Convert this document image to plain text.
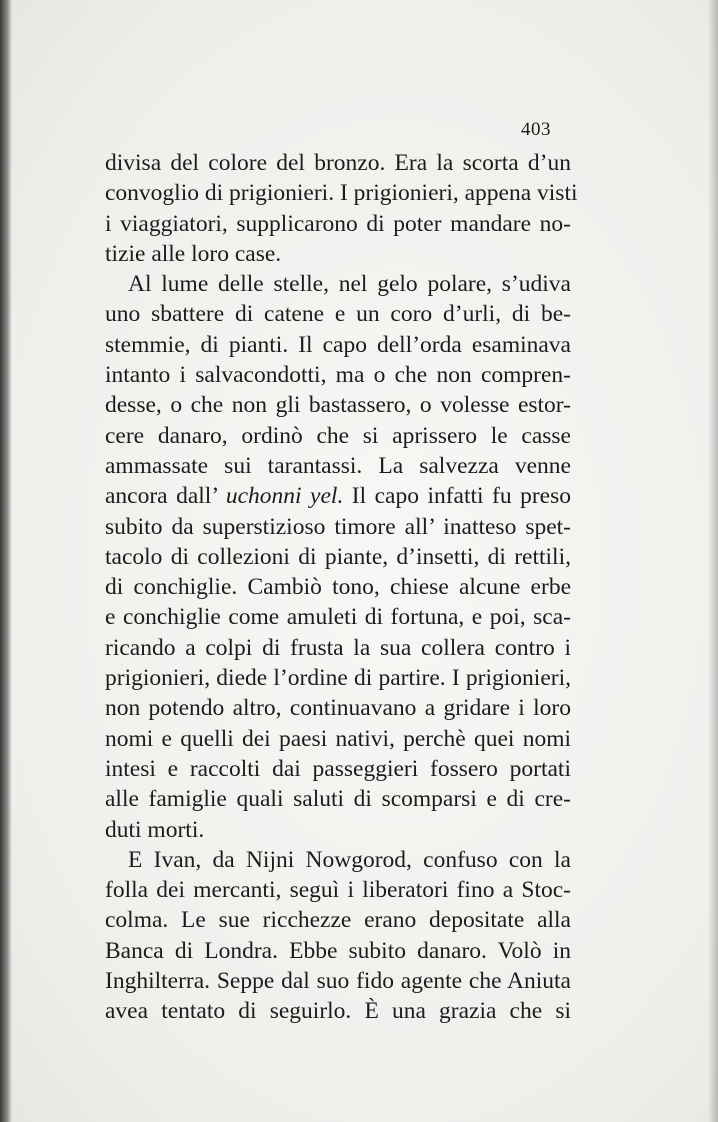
403
divisa del colore del bronzo. Era la scorta d’un
convoglio di prigionieri. I prigionieri, appena visti
i viaggiatori, supplicarono di poter mandare no-
tizie alle loro case.
Al lume delle stelle, nel gelo polare, s’udiva
uno sbattere di catene e un coro d’urli, di be-
stemmie, di pianti. Il capo dell’orda esaminava
intanto i salvacondotti, ma o che non compren-
desse, o che non gli bastassero, o volesse estor-
cere danaro, ordinò che si aprissero le casse
ammassate sui tarantassi. La salvezza venne
ancora dall’ uchonni yel. Il capo infatti fu preso
subito da superstizioso timore all’ inatteso spet-
tacolo di collezioni di piante, d’insetti, di rettili,
di conchiglie. Cambiò tono, chiese alcune erbe
e conchiglie come amuleti di fortuna, e poi, sca-
ricando a colpi di frusta la sua collera contro i
prigionieri, diede l’ordine di partire. I prigionieri,
non potendo altro, continuavano a gridare i loro
nomi e quelli dei paesi nativi, perchè quei nomi
intesi e raccolti dai passeggieri fossero portati
alle famiglie quali saluti di scomparsi e di cre-
duti morti.
E Ivan, da Nijni Nowgorod, confuso con la
folla dei mercanti, seguì i liberatori fino a Stoc-
colma. Le sue ricchezze erano depositate alla
Banca di Londra. Ebbe subito danaro. Volò in
Inghilterra. Seppe dal suo fido agente che Aniuta
avea tentato di seguirlo. È una grazia che si
